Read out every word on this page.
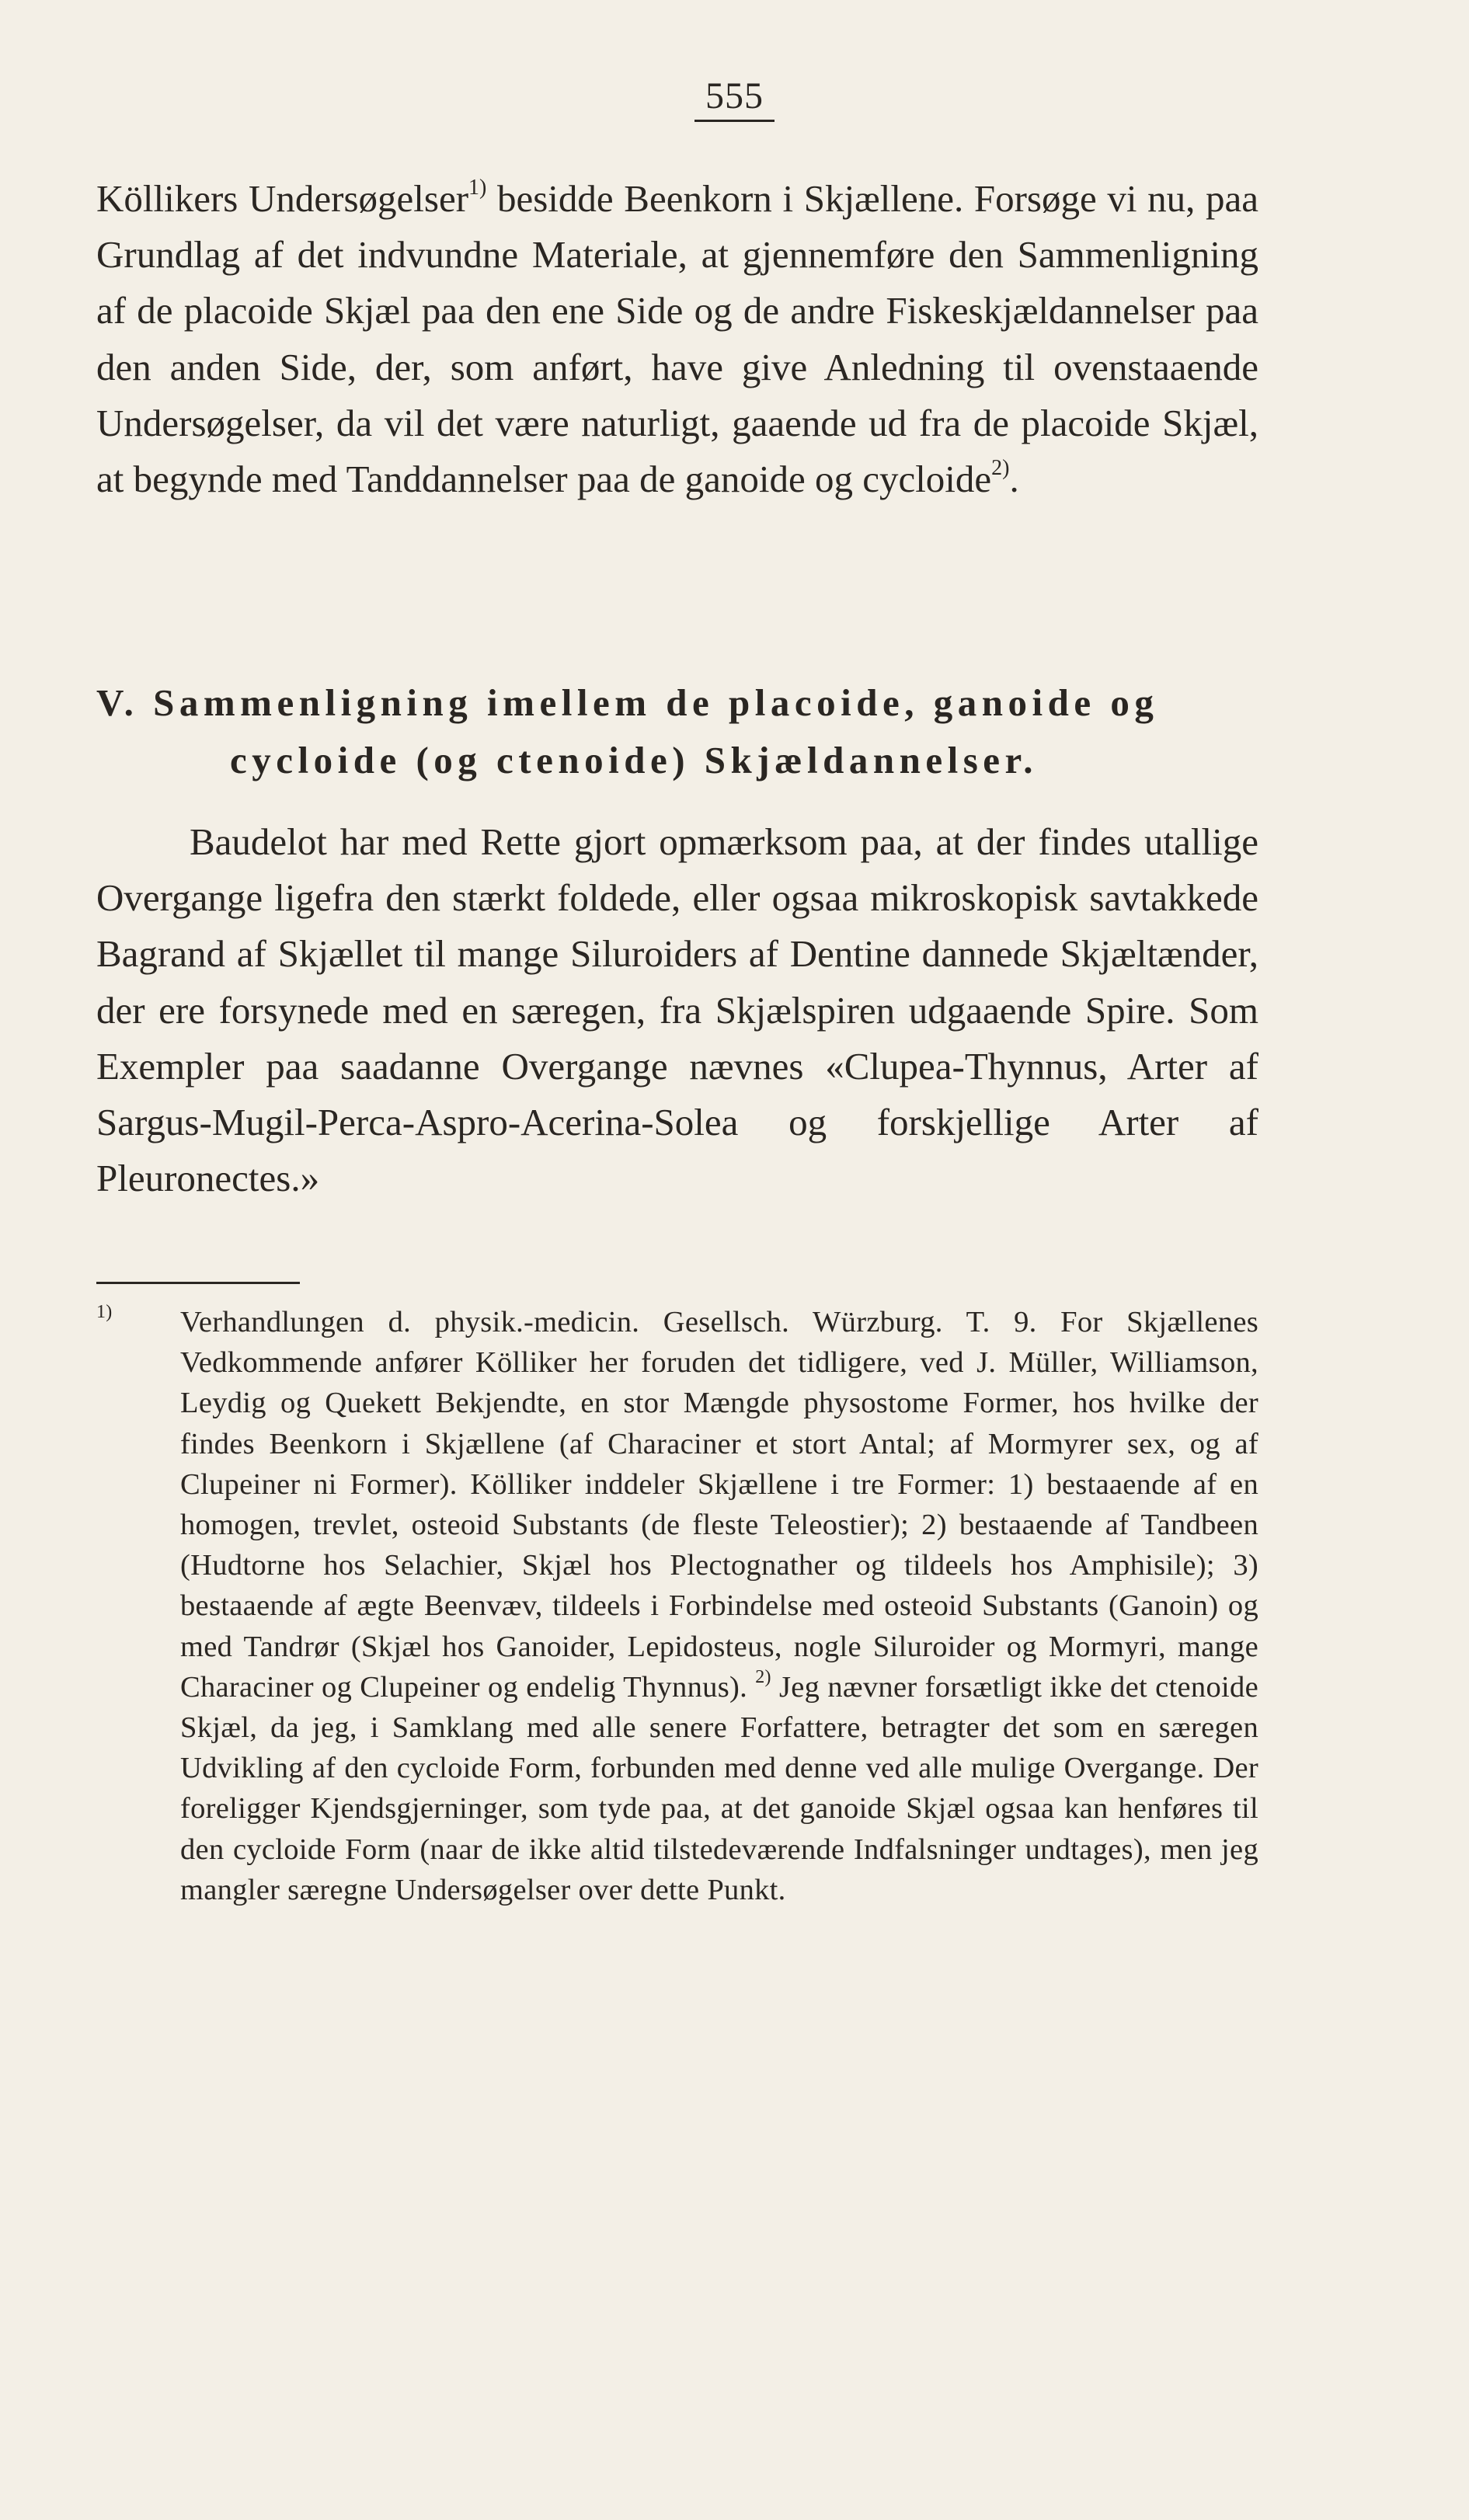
555

Köllikers Undersøgelser$^{1)}$ besidde Beenkorn i Skjællene. Forsøge vi nu, paa Grundlag af det indvundne Materiale, at gjennemføre den Sammenligning af de placoide Skjæl paa den ene Side og de andre Fiskeskjældannelser paa den anden Side, der, som anført, have give Anledning til ovenstaaende Undersøgelser, da vil det være naturligt, gaaende ud fra de placoide Skjæl, at begynde med Tanddannelser paa de ganoide og cycloide$^{2)}$.

V. Sammenligning imellem de placoide, ganoide og
cycloide (og ctenoide) Skjældannelser.

Baudelot har med Rette gjort opmærksom paa, at der findes utallige Overgange ligefra den stærkt foldede, eller ogsaa mikroskopisk savtakkede Bagrand af Skjællet til mange Siluroiders af Dentine dannede Skjæltænder, der ere forsynede med en særegen, fra Skjælspiren udgaaende Spire. Som Exempler paa saadanne Overgange nævnes «Clupea-Thynnus, Arter af Sargus-Mugil-Perca-Aspro-Acerina-Solea og forskjellige Arter af Pleuronectes.»

$^{1)}$ Verhandlungen d. physik.-medicin. Gesellsch. Würzburg. T. 9. For Skjællenes Vedkommende anfører Kölliker her foruden det tidligere, ved J. Müller, Williamson, Leydig og Quekett Bekjendte, en stor Mængde physostome Former, hos hvilke der findes Beenkorn i Skjællene (af Characiner et stort Antal; af Mormyrer sex, og af Clupeiner ni Former). Kölliker inddeler Skjællene i tre Former: 1) bestaaende af en homogen, trevlet, osteoid Substants (de fleste Teleostier); 2) bestaaende af Tandbeen (Hudtorne hos Selachier, Skjæl hos Plectognather og tildeels hos Amphisile); 3) bestaaende af ægte Beenvæv, tildeels i Forbindelse med osteoid Substants (Ganoin) og med Tandrør (Skjæl hos Ganoider, Lepidosteus, nogle Siluroider og Mormyri, mange Characiner og Clupeiner og endelig Thynnus). $^{2)}$ Jeg nævner forsætligt ikke det ctenoide Skjæl, da jeg, i Samklang med alle senere Forfattere, betragter det som en særegen Udvikling af den cycloide Form, forbunden med denne ved alle mulige Overgange. Der foreligger Kjendsgjerninger, som tyde paa, at det ganoide Skjæl ogsaa kan henføres til den cycloide Form (naar de ikke altid tilstedeværende Indfalsninger undtages), men jeg mangler særegne Undersøgelser over dette Punkt.
